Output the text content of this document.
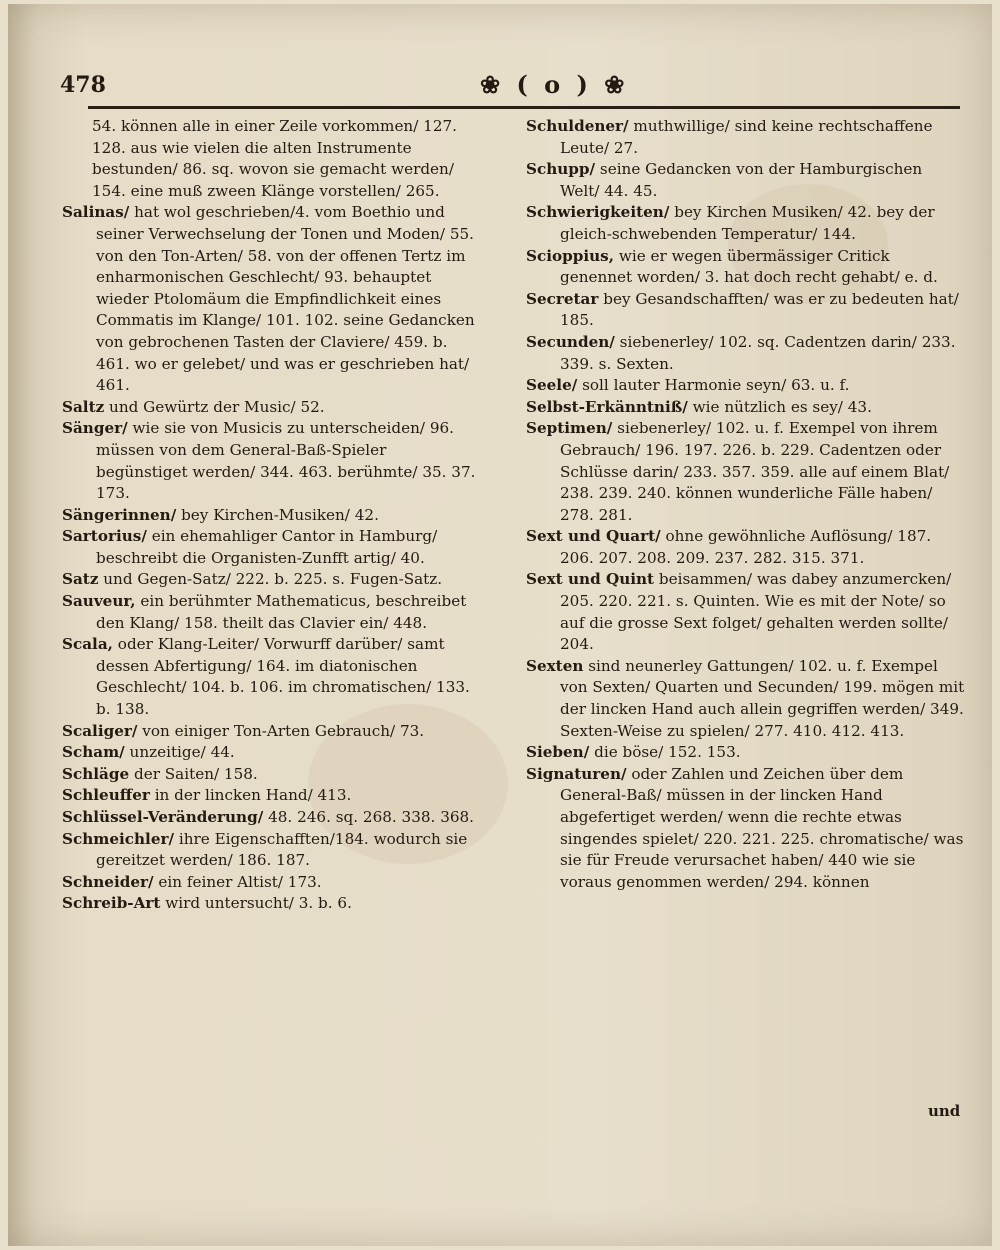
478	❀ ( o ) ❀
54. können alle in einer Zeile vorkommen/ 127. 128. aus wie vielen die alten Instrumente bestunden/ 86. sq. wovon sie gemacht werden/ 154. eine muß zween Klänge vorstellen/ 265.
Salinas/ hat wol geschrieben/4. vom Boethio und seiner Verwechselung der Tonen und Moden/ 55. von den Ton-Arten/ 58. von der offenen Tertz im enharmonischen Geschlecht/ 93. behauptet wieder Ptolomäum die Empfindlichkeit eines Commatis im Klange/ 101. 102. seine Gedancken von gebrochenen Tasten der Claviere/ 459. b. 461. wo er gelebet/ und was er geschrieben hat/ 461.
Saltz und Gewürtz der Music/ 52.
Sänger/ wie sie von Musicis zu unterscheiden/ 96. müssen von dem General-Baß-Spieler begünstiget werden/ 344. 463. berühmte/ 35. 37. 173.
Sängerinnen/ bey Kirchen-Musiken/ 42.
Sartorius/ ein ehemahliger Cantor in Hamburg/ beschreibt die Organisten-Zunfft artig/ 40.
Satz und Gegen-Satz/ 222. b. 225. s. Fugen-Satz.
Sauveur, ein berühmter Mathematicus, beschreibet den Klang/ 158. theilt das Clavier ein/ 448.
Scala, oder Klang-Leiter/ Vorwurff darüber/ samt dessen Abfertigung/ 164. im diatonischen Geschlecht/ 104. b. 106. im chromatischen/ 133. b. 138.
Scaliger/ von einiger Ton-Arten Gebrauch/ 73.
Scham/ unzeitige/ 44.
Schläge der Saiten/ 158.
Schleuffer in der lincken Hand/ 413.
Schlüssel-Veränderung/ 48. 246. sq. 268. 338. 368.
Schmeichler/ ihre Eigenschafften/184. wodurch sie gereitzet werden/ 186. 187.
Schneider/ ein feiner Altist/ 173.
Schreib-Art wird untersucht/ 3. b. 6.
Schuldener/ muthwillige/ sind keine rechtschaffene Leute/ 27.
Schupp/ seine Gedancken von der Hamburgischen Welt/ 44. 45.
Schwierigkeiten/ bey Kirchen Musiken/ 42. bey der gleich-schwebenden Temperatur/ 144.
Scioppius, wie er wegen übermässiger Critick genennet worden/ 3. hat doch recht gehabt/ e. d.
Secretar bey Gesandschafften/ was er zu bedeuten hat/ 185.
Secunden/ siebenerley/ 102. sq. Cadentzen darin/ 233. 339. s. Sexten.
Seele/ soll lauter Harmonie seyn/ 63. u. f.
Selbst-Erkänntniß/ wie nützlich es sey/ 43.
Septimen/ siebenerley/ 102. u. f. Exempel von ihrem Gebrauch/ 196. 197. 226. b. 229. Cadentzen oder Schlüsse darin/ 233. 357. 359. alle auf einem Blat/ 238. 239. 240. können wunderliche Fälle haben/ 278. 281.
Sext und Quart/ ohne gewöhnliche Auflösung/ 187. 206. 207. 208. 209. 237. 282. 315. 371.
Sext und Quint beisammen/ was dabey anzumercken/ 205. 220. 221. s. Quinten. Wie es mit der Note/ so auf die grosse Sext folget/ gehalten werden sollte/ 204.
Sexten sind neunerley Gattungen/ 102. u. f. Exempel von Sexten/ Quarten und Secunden/ 199. mögen mit der lincken Hand auch allein gegriffen werden/ 349. Sexten-Weise zu spielen/ 277. 410. 412. 413.
Sieben/ die böse/ 152. 153.
Signaturen/ oder Zahlen und Zeichen über dem General-Baß/ müssen in der lincken Hand abgefertiget werden/ wenn die rechte etwas singendes spielet/ 220. 221. 225. chromatische/ was sie für Freude verursachet haben/ 440 wie sie voraus genommen werden/ 294. können
und
